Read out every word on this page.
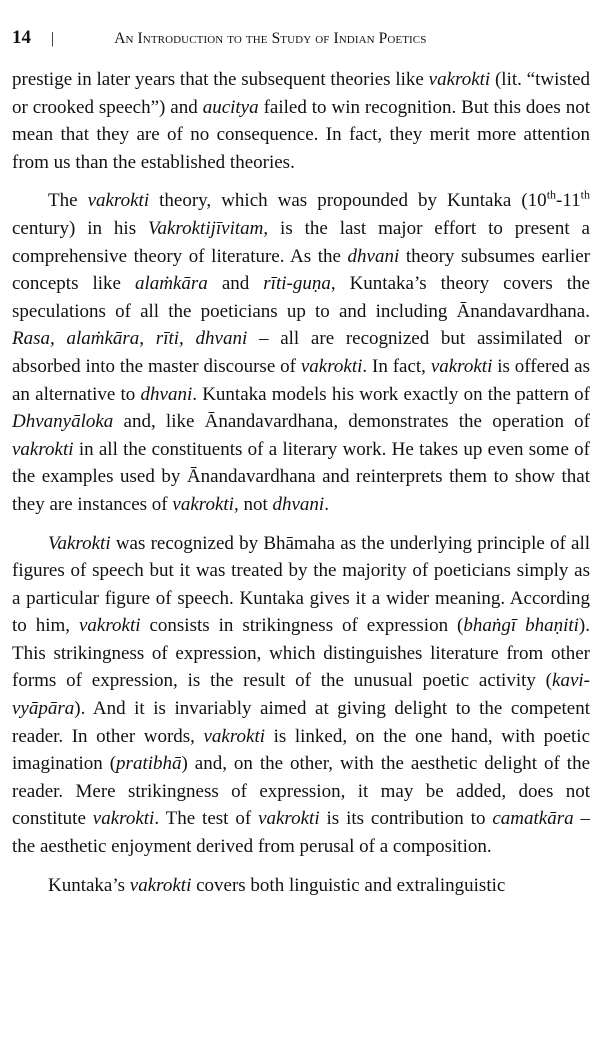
14 |	An Introduction to the Study of Indian Poetics

prestige in later years that the subsequent theories like vakrokti (lit. “twisted or crooked speech”) and aucitya failed to win recognition. But this does not mean that they are of no consequence. In fact, they merit more attention from us than the established theories.

The vakrokti theory, which was propounded by Kuntaka (10th-11th century) in his Vakroktijīvitam, is the last major effort to present a comprehensive theory of literature. As the dhvani theory subsumes earlier concepts like alaṁkāra and rīti-guṇa, Kuntaka’s theory covers the speculations of all the poeticians up to and including Ānandavardhana. Rasa, alaṁkāra, rīti, dhvani – all are recognized but assimilated or absorbed into the master discourse of vakrokti. In fact, vakrokti is offered as an alternative to dhvani. Kuntaka models his work exactly on the pattern of Dhvanyāloka and, like Ānandavardhana, demonstrates the operation of vakrokti in all the constituents of a literary work. He takes up even some of the examples used by Ānandavardhana and reinterprets them to show that they are instances of vakrokti, not dhvani.

Vakrokti was recognized by Bhāmaha as the underlying principle of all figures of speech but it was treated by the majority of poeticians simply as a particular figure of speech. Kuntaka gives it a wider meaning. According to him, vakrokti consists in strikingness of expression (bhaṅgī bhaṇiti). This strikingness of expression, which distinguishes literature from other forms of expression, is the result of the unusual poetic activity (kavi-vyāpāra). And it is invariably aimed at giving delight to the competent reader. In other words, vakrokti is linked, on the one hand, with poetic imagination (pratibhā) and, on the other, with the aesthetic delight of the reader. Mere strikingness of expression, it may be added, does not constitute vakrokti. The test of vakrokti is its contribution to camatkāra – the aesthetic enjoyment derived from perusal of a composition.

Kuntaka’s vakrokti covers both linguistic and extralinguistic
